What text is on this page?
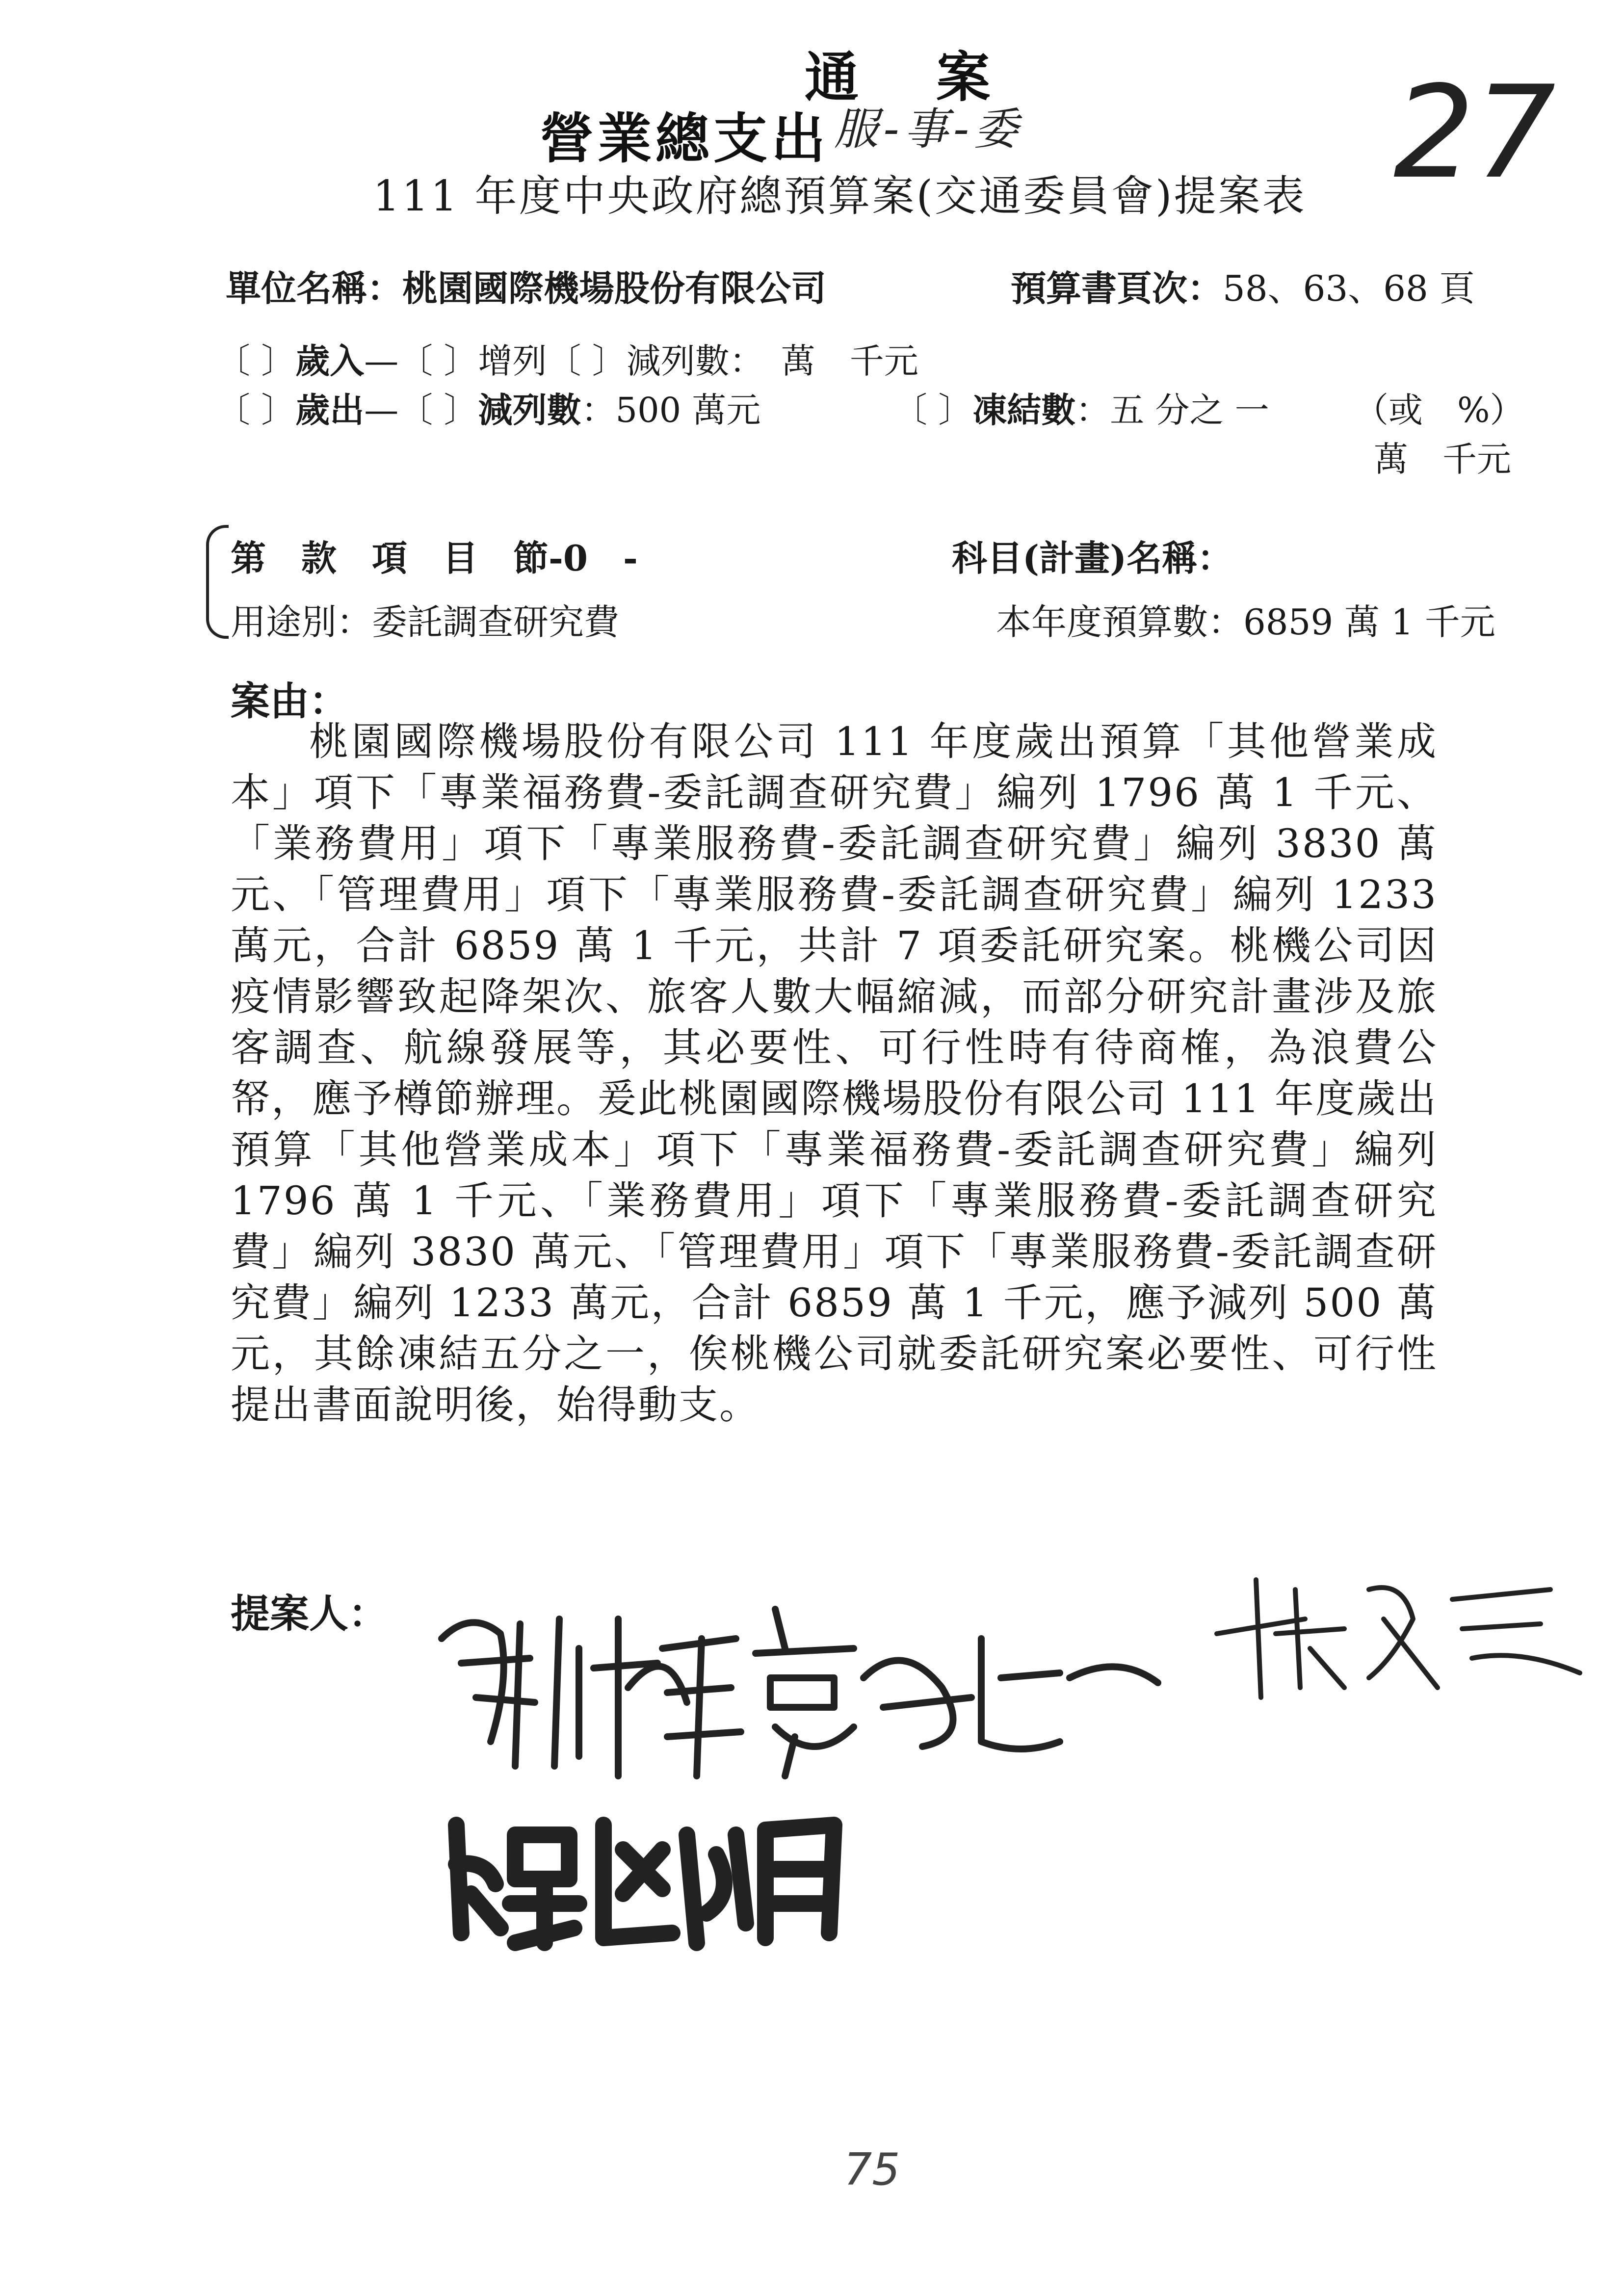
通 案
營業總支出 服-事-委	27
111 年度中央政府總預算案(交通委員會)提案表
單位名稱：桃園國際機場股份有限公司	預算書頁次：58、63、68 頁
〔 〕歲入—〔 〕增列〔 〕減列數：　萬　千元
〔 〕歲出—〔 〕減列數：500 萬元	〔 〕凍結數：五 分之 一 （或　%）
萬　千元
第　款　項　目　節-0　-	科目(計畫)名稱：
用途別：委託調查研究費	本年度預算數：6859 萬 1 千元
案由：
桃園國際機場股份有限公司 111 年度歲出預算「其他營業成本」項下「專業福務費-委託調查研究費」編列 1796 萬 1 千元、「業務費用」項下「專業服務費-委託調查研究費」編列 3830 萬元、「管理費用」項下「專業服務費-委託調查研究費」編列 1233 萬元，合計 6859 萬 1 千元，共計 7 項委託研究案。桃機公司因疫情影響致起降架次、旅客人數大幅縮減，而部分研究計畫涉及旅客調查、航線發展等，其必要性、可行性時有待商榷，為浪費公帑，應予樽節辦理。爰此桃園國際機場股份有限公司 111 年度歲出預算「其他營業成本」項下「專業福務費-委託調查研究費」編列 1796 萬 1 千元、「業務費用」項下「專業服務費-委託調查研究費」編列 3830 萬元、「管理費用」項下「專業服務費-委託調查研究費」編列 1233 萬元，合計 6859 萬 1 千元，應予減列 500 萬元，其餘凍結五分之一，俟桃機公司就委託研究案必要性、可行性提出書面說明後，始得動支。
提案人：
75
